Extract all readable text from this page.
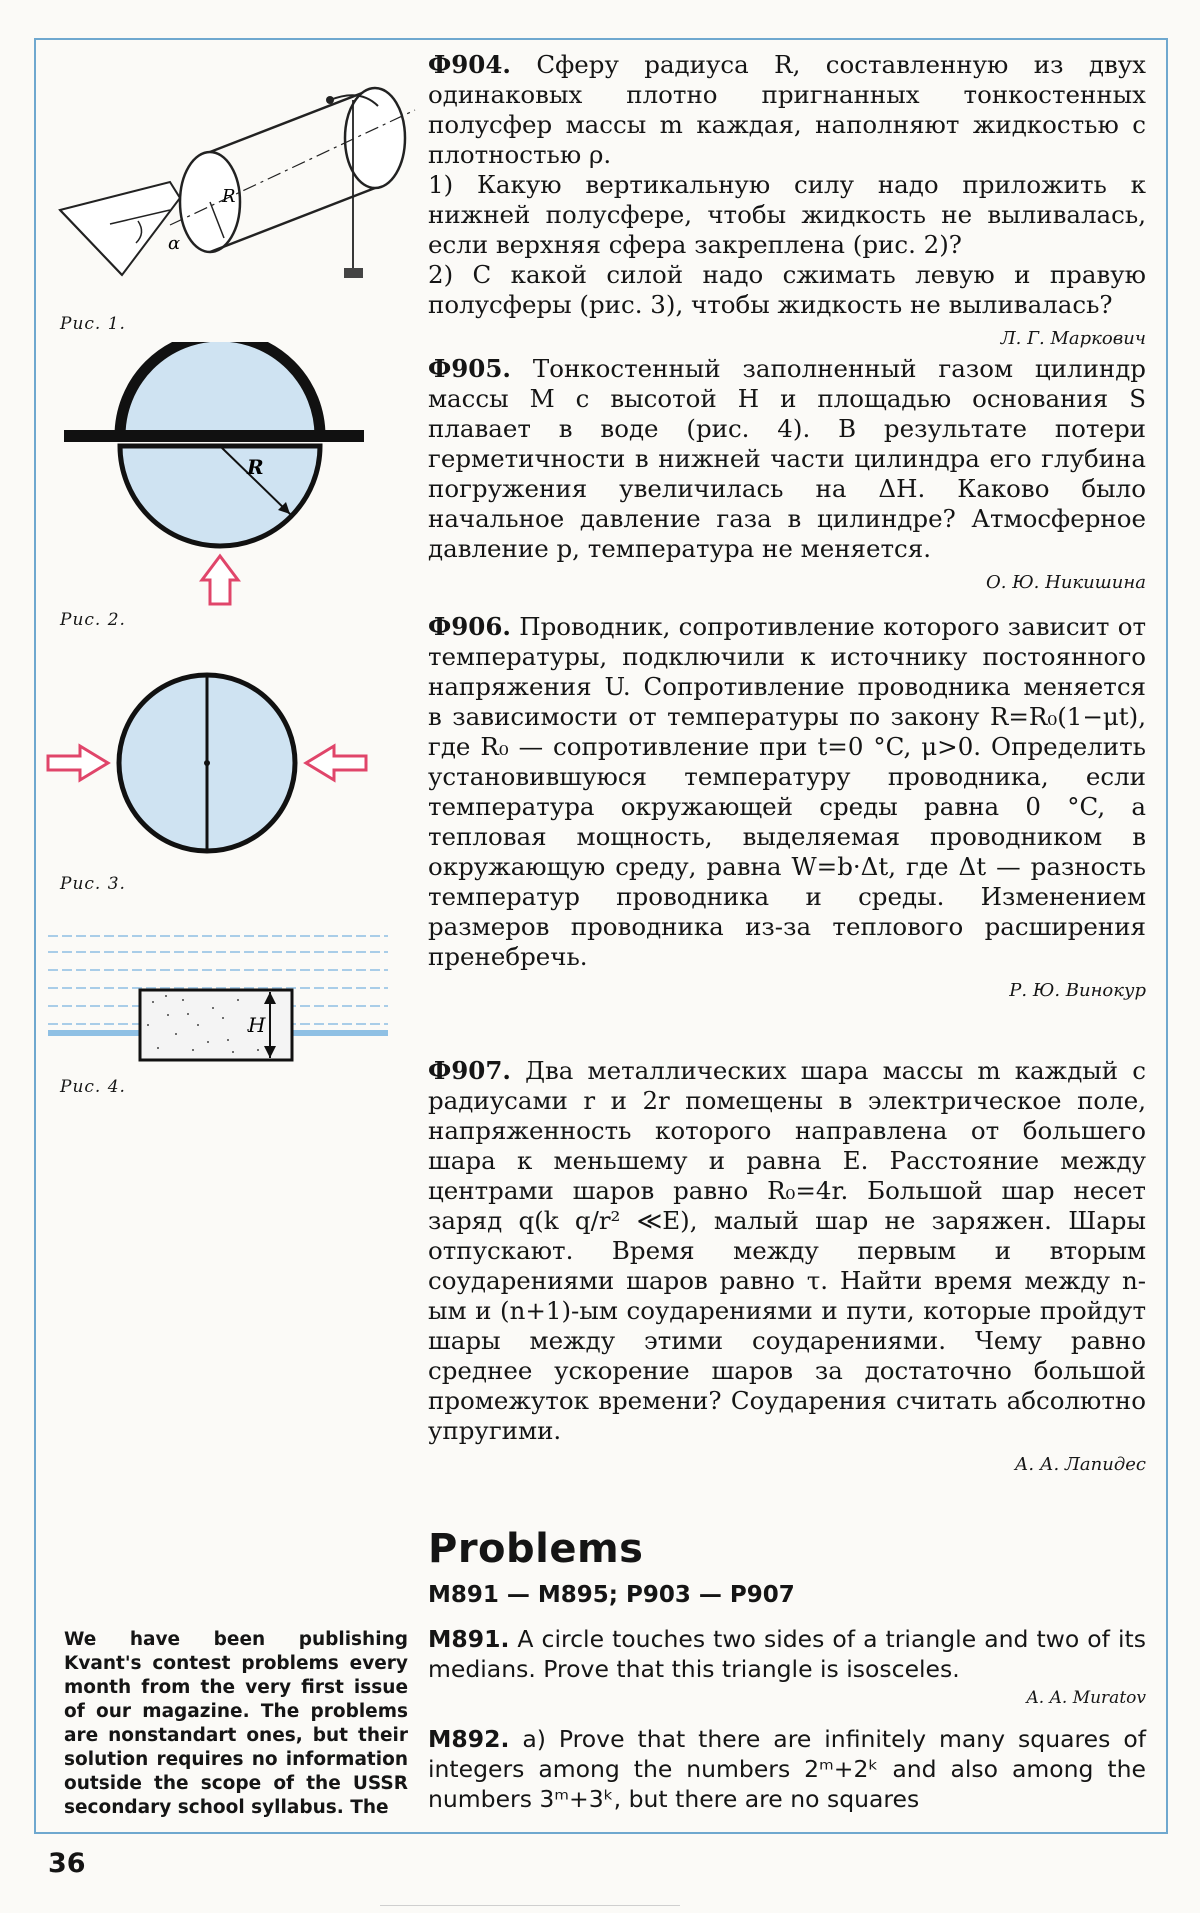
α
R
Рис. 1.
R
Рис. 2.
Рис. 3.
H
Рис. 4.

Ф904. Сферу радиуса R, составленную из двух одинаковых плотно пригнанных тонкостенных полусфер массы m каждая, наполняют жидкостью с плотностью ρ.

1) Какую вертикальную силу надо приложить к нижней полусфере, чтобы жидкость не выливалась, если верхняя сфера закреплена (рис. 2)?

2) С какой силой надо сжимать левую и правую полусферы (рис. 3), чтобы жидкость не выливалась?

Л. Г. Маркович

Ф905. Тонкостенный заполненный газом цилиндр массы M с высотой H и площадью основания S плавает в воде (рис. 4). В результате потери герметичности в нижней части цилиндра его глубина погружения увеличилась на ΔH. Каково было начальное давление газа в цилиндре? Атмосферное давление p, температура не меняется.

О. Ю. Никишина

Ф906. Проводник, сопротивление которого зависит от температуры, подключили к источнику постоянного напряжения U. Сопротивление проводника меняется в зависимости от температуры по закону R=R₀(1−μt), где R₀ — сопротивление при t=0 °C, μ>0. Определить установившуюся температуру проводника, если температура окружающей среды равна 0 °C, а тепловая мощность, выделяемая проводником в окружающую среду, равна W=b·Δt, где Δt — разность температур проводника и среды. Изменением размеров проводника из-за теплового расширения пренебречь.

Р. Ю. Винокур

Ф907. Два металлических шара массы m каждый с радиусами r и 2r помещены в электрическое поле, напряженность которого направлена от большего шара к меньшему и равна E. Расстояние между центрами шаров равно R₀=4r. Большой шар несет заряд q(k q/r² ≪E), малый шар не заряжен. Шары отпускают. Время между первым и вторым соударениями шаров равно τ. Найти время между n-ым и (n+1)-ым соударениями и пути, которые пройдут шары между этими соударениями. Чему равно среднее ускорение шаров за достаточно большой промежуток времени? Соударения считать абсолютно упругими.

А. А. Лапидес
Problems
M891 — M895; P903 — P907
M891. A circle touches two sides of a triangle and two of its medians. Prove that this triangle is isosceles.
A. A. Muratov
M892. a) Prove that there are infinitely many squares of integers among the numbers 2ᵐ+2ᵏ and also among the numbers 3ᵐ+3ᵏ, but there are no squares
We have been publishing Kvant's contest problems every month from the very first issue of our magazine. The problems are nonstandart ones, but their solution requires no information outside the scope of the USSR secondary school syllabus. The
36
